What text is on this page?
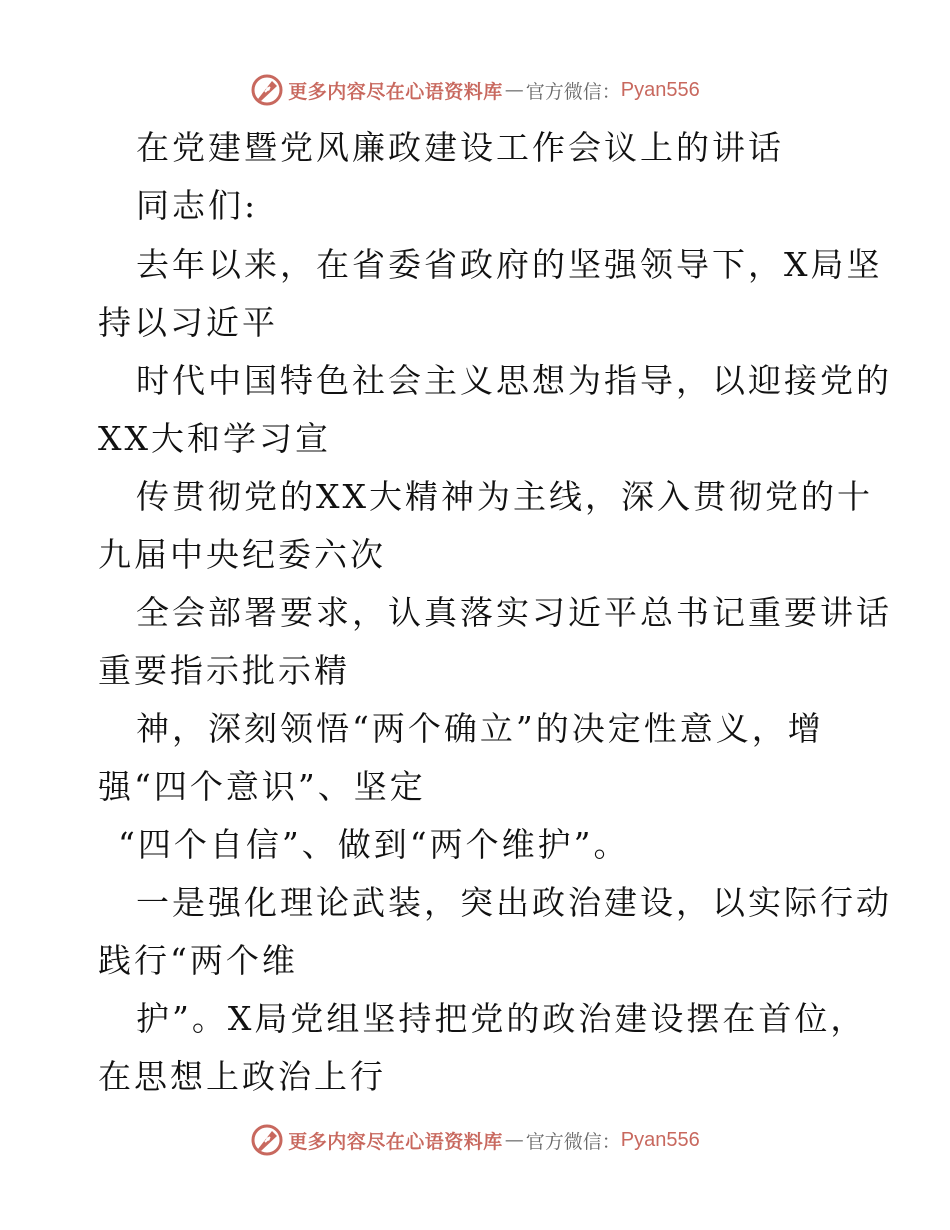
更多内容尽在心语资料库 — 官方微信： Pyan556
在党建暨党风廉政建设工作会议上的讲话
同志们:
去年以来，在省委省政府的坚强领导下，X局坚
持以习近平
时代中国特色社会主义思想为指导，以迎接党的
XX大和学习宣
传贯彻党的XX大精神为主线，深入贯彻党的十
九届中央纪委六次
全会部署要求，认真落实习近平总书记重要讲话
重要指示批示精
神，深刻领悟“两个确立”的决定性意义，增
强“四个意识”、坚定
“四个自信”、做到“两个维护”。
一是强化理论武装，突出政治建设，以实际行动
践行“两个维
护”。X局党组坚持把党的政治建设摆在首位，
在思想上政治上行
更多内容尽在心语资料库 — 官方微信： Pyan556
